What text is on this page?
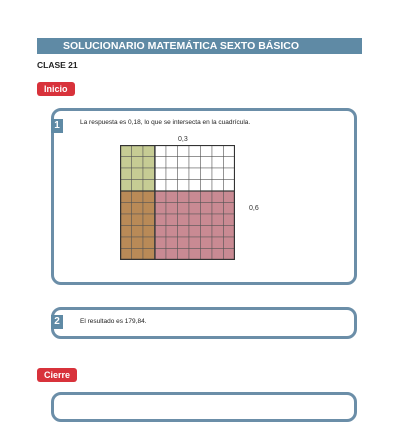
SOLUCIONARIO MATEMÁTICA SEXTO BÁSICO
CLASE 21
Inicio
1	La respuesta es 0,18, lo que se intersecta en la cuadrícula.
0,3
0,6
2	El resultado es 179,84.
Cierre
